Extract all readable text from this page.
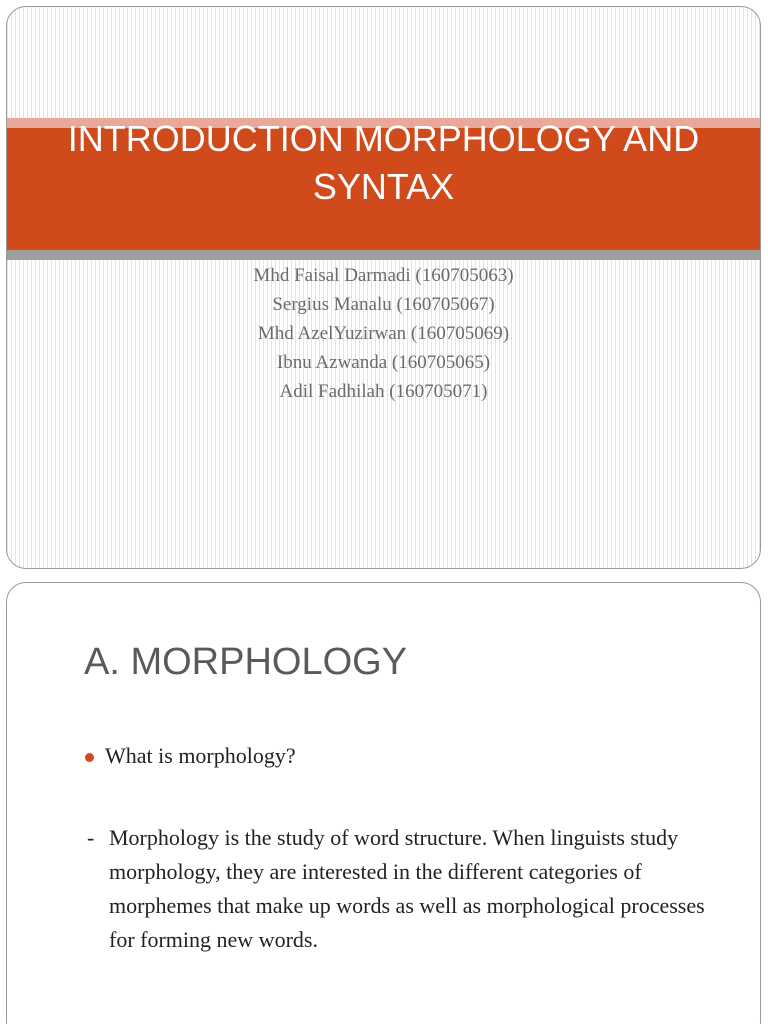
INTRODUCTION MORPHOLOGY AND SYNTAX
Mhd Faisal Darmadi (160705063)
Sergius Manalu (160705067)
Mhd AzelYuzirwan (160705069)
Ibnu Azwanda (160705065)
Adil Fadhilah (160705071)
A. MORPHOLOGY
What is morphology?
- Morphology is the study of word structure. When linguists study morphology, they are interested in the different categories of morphemes that make up words as well as morphological processes for forming new words.
